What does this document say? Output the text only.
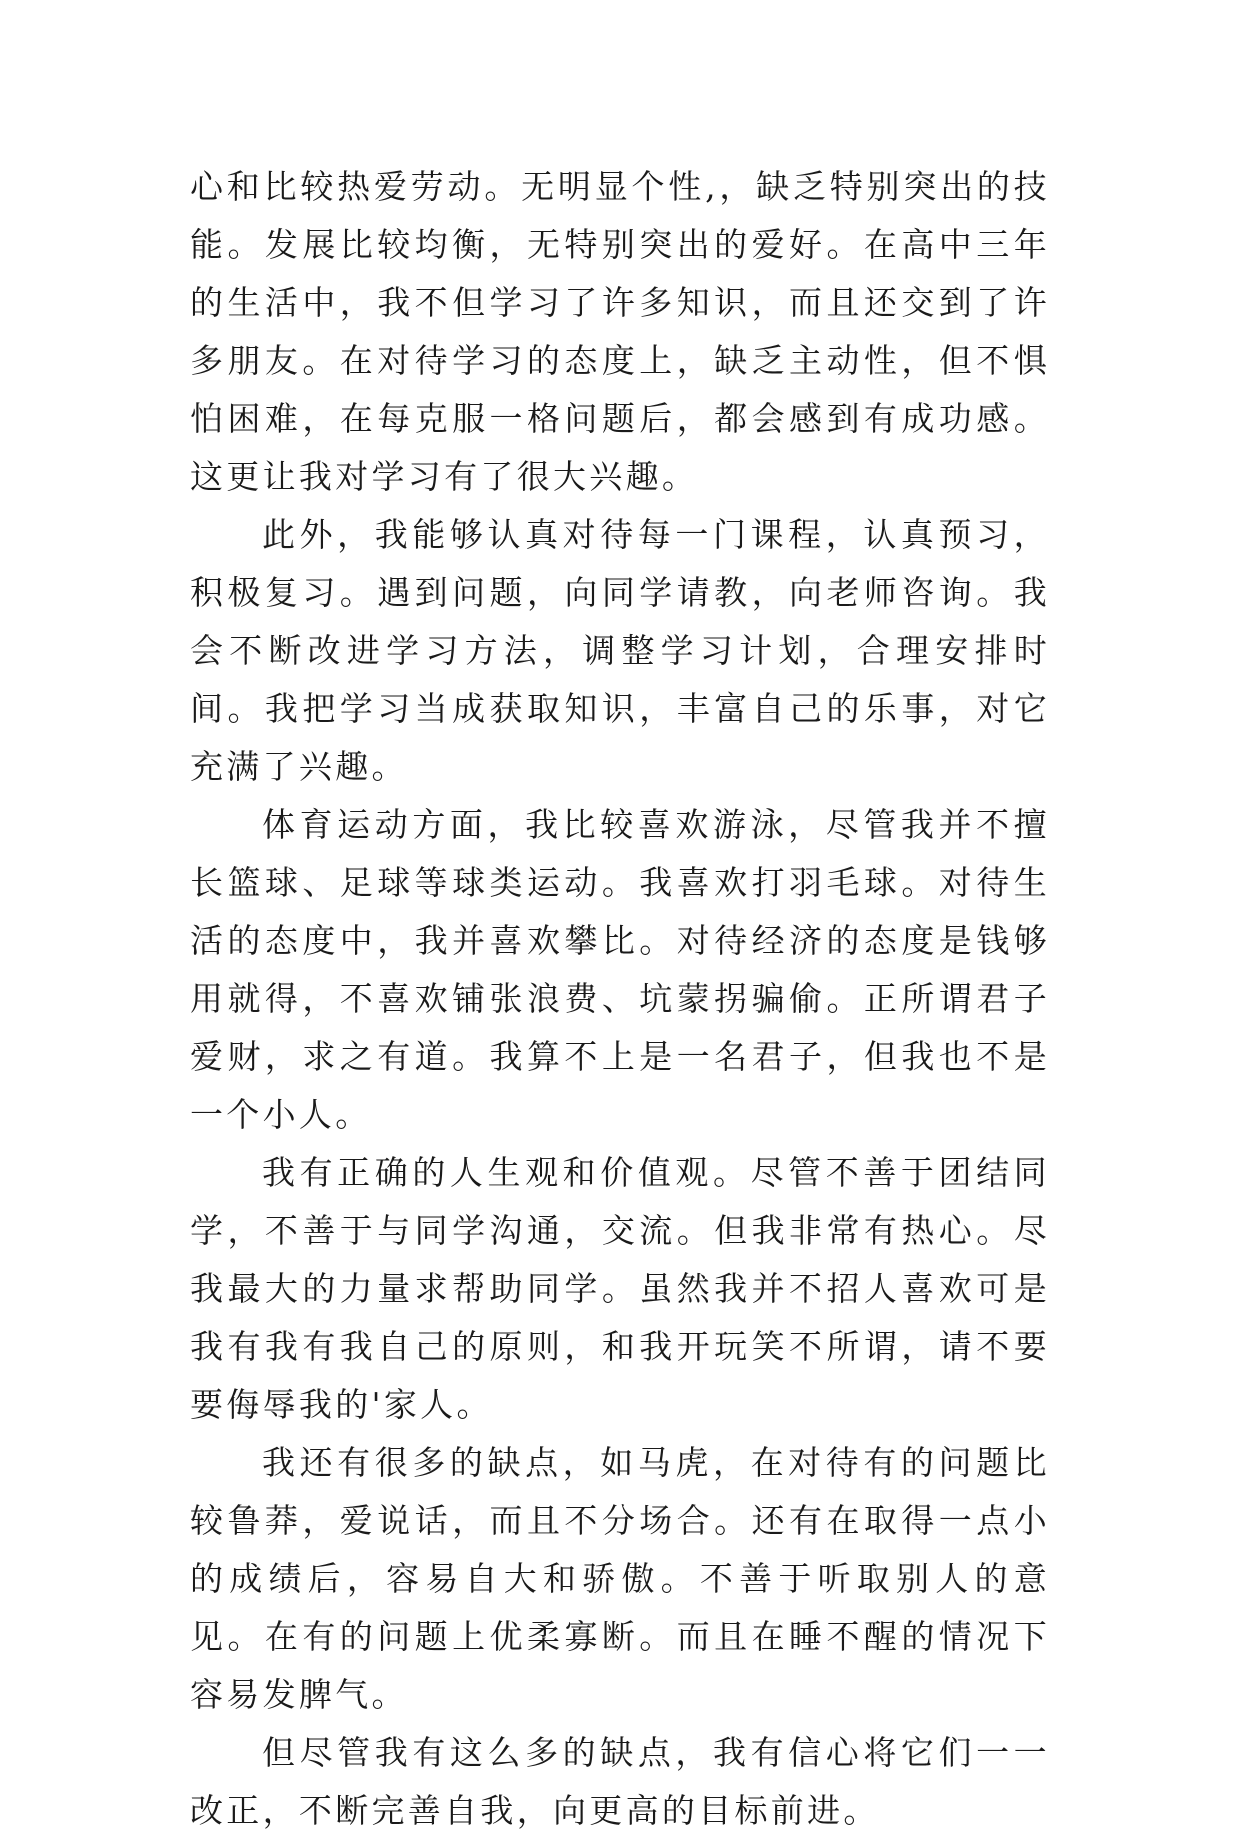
心和比较热爱劳动。无明显个性,，缺乏特别突出的技能。发展比较均衡，无特别突出的爱好。在高中三年的生活中，我不但学习了许多知识，而且还交到了许多朋友。在对待学习的态度上，缺乏主动性，但不惧怕困难，在每克服一格问题后，都会感到有成功感。这更让我对学习有了很大兴趣。

此外，我能够认真对待每一门课程，认真预习，积极复习。遇到问题，向同学请教，向老师咨询。我会不断改进学习方法，调整学习计划，合理安排时间。我把学习当成获取知识，丰富自己的乐事，对它充满了兴趣。

体育运动方面，我比较喜欢游泳，尽管我并不擅长篮球、足球等球类运动。我喜欢打羽毛球。对待生活的态度中，我并喜欢攀比。对待经济的态度是钱够用就得，不喜欢铺张浪费、坑蒙拐骗偷。正所谓君子爱财，求之有道。我算不上是一名君子，但我也不是一个小人。

我有正确的人生观和价值观。尽管不善于团结同学，不善于与同学沟通，交流。但我非常有热心。尽我最大的力量求帮助同学。虽然我并不招人喜欢可是我有我有我自己的原则，和我开玩笑不所谓，请不要要侮辱我的'家人。

我还有很多的缺点，如马虎，在对待有的问题比较鲁莽，爱说话，而且不分场合。还有在取得一点小的成绩后，容易自大和骄傲。不善于听取别人的意见。在有的问题上优柔寡断。而且在睡不醒的情况下容易发脾气。

但尽管我有这么多的缺点，我有信心将它们一一改正，不断完善自我，向更高的目标前进。
